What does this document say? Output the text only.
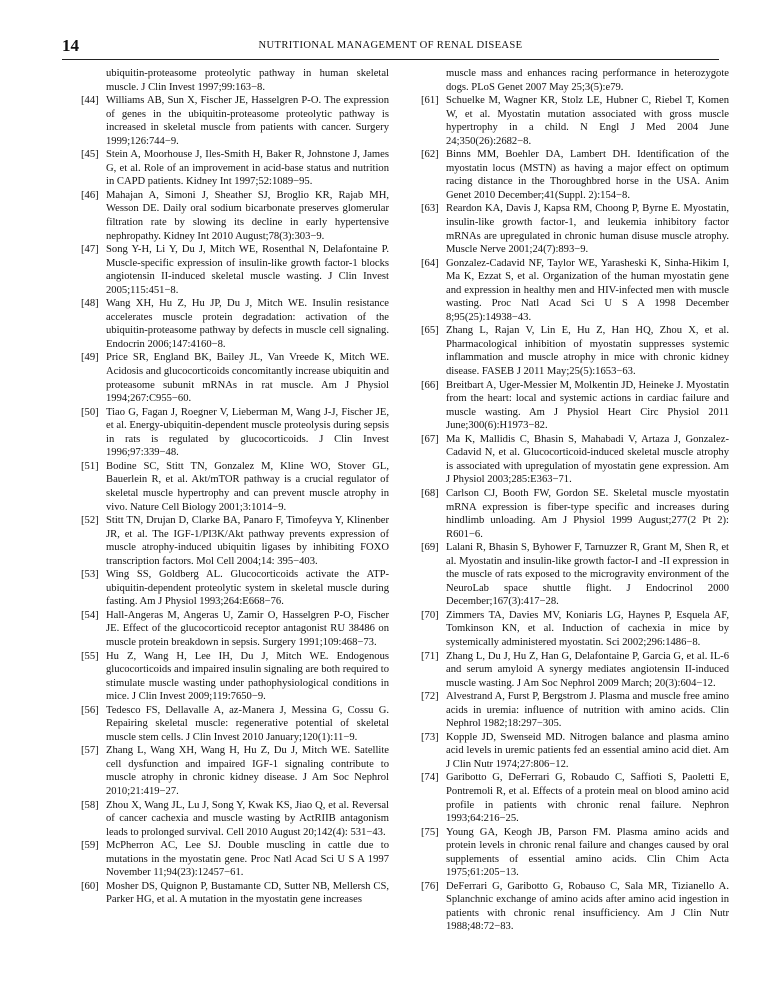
14	NUTRITIONAL MANAGEMENT OF RENAL DISEASE

ubiquitin-proteasome proteolytic pathway in human skeletal muscle. J Clin Invest 1997;99:163−8.

[44] Williams AB, Sun X, Fischer JE, Hasselgren P-O. The expression of genes in the ubiquitin-proteasome proteolytic pathway is increased in skeletal muscle from patients with cancer. Surgery 1999;126:744−9.

[45] Stein A, Moorhouse J, Iles-Smith H, Baker R, Johnstone J, James G, et al. Role of an improvement in acid-base status and nutrition in CAPD patients. Kidney Int 1997;52:1089−95.

[46] Mahajan A, Simoni J, Sheather SJ, Broglio KR, Rajab MH, Wesson DE. Daily oral sodium bicarbonate preserves glomerular filtration rate by slowing its decline in early hypertensive nephropathy. Kidney Int 2010 August;78(3):303−9.

[47] Song Y-H, Li Y, Du J, Mitch WE, Rosenthal N, Delafontaine P. Muscle-specific expression of insulin-like growth factor-1 blocks angiotensin II-induced skeletal muscle wasting. J Clin Invest 2005;115:451−8.

[48] Wang XH, Hu Z, Hu JP, Du J, Mitch WE. Insulin resistance accelerates muscle protein degradation: activation of the ubiquitin-proteasome pathway by defects in muscle cell signaling. Endocrin 2006;147:4160−8.

[49] Price SR, England BK, Bailey JL, Van Vreede K, Mitch WE. Acidosis and glucocorticoids concomitantly increase ubiquitin and proteasome subunit mRNAs in rat muscle. Am J Physiol 1994;267:C955−60.

[50] Tiao G, Fagan J, Roegner V, Lieberman M, Wang J-J, Fischer JE, et al. Energy-ubiquitin-dependent muscle proteolysis during sepsis in rats is regulated by glucocorticoids. J Clin Invest 1996;97:339−48.

[51] Bodine SC, Stitt TN, Gonzalez M, Kline WO, Stover GL, Bauerlein R, et al. Akt/mTOR pathway is a crucial regulator of skeletal muscle hypertrophy and can prevent muscle atrophy in vivo. Nature Cell Biology 2001;3:1014−9.

[52] Stitt TN, Drujan D, Clarke BA, Panaro F, Timofeyva Y, Klinenber JR, et al. The IGF-1/PI3K/Akt pathway prevents expression of muscle atrophy-induced ubiquitin ligases by inhibiting FOXO transcription factors. Mol Cell 2004;14: 395−403.

[53] Wing SS, Goldberg AL. Glucocorticoids activate the ATP-ubiquitin-dependent proteolytic system in skeletal muscle during fasting. Am J Physiol 1993;264:E668−76.

[54] Hall-Angeras M, Angeras U, Zamir O, Hasselgren P-O, Fischer JE. Effect of the glucocorticoid receptor antagonist RU 38486 on muscle protein breakdown in sepsis. Surgery 1991;109:468−73.

[55] Hu Z, Wang H, Lee IH, Du J, Mitch WE. Endogenous glucocorticoids and impaired insulin signaling are both required to stimulate muscle wasting under pathophysiological conditions in mice. J Clin Invest 2009;119:7650−9.

[56] Tedesco FS, Dellavalle A, az-Manera J, Messina G, Cossu G. Repairing skeletal muscle: regenerative potential of skeletal muscle stem cells. J Clin Invest 2010 January;120(1):11−9.

[57] Zhang L, Wang XH, Wang H, Hu Z, Du J, Mitch WE. Satellite cell dysfunction and impaired IGF-1 signaling contribute to muscle atrophy in chronic kidney disease. J Am Soc Nephrol 2010;21:419−27.

[58] Zhou X, Wang JL, Lu J, Song Y, Kwak KS, Jiao Q, et al. Reversal of cancer cachexia and muscle wasting by ActRIIB antagonism leads to prolonged survival. Cell 2010 August 20;142(4): 531−43.

[59] McPherron AC, Lee SJ. Double muscling in cattle due to mutations in the myostatin gene. Proc Natl Acad Sci U S A 1997 November 11;94(23):12457−61.

[60] Mosher DS, Quignon P, Bustamante CD, Sutter NB, Mellersh CS, Parker HG, et al. A mutation in the myostatin gene increases

muscle mass and enhances racing performance in heterozygote dogs. PLoS Genet 2007 May 25;3(5):e79.

[61] Schuelke M, Wagner KR, Stolz LE, Hubner C, Riebel T, Komen W, et al. Myostatin mutation associated with gross muscle hypertrophy in a child. N Engl J Med 2004 June 24;350(26):2682−8.

[62] Binns MM, Boehler DA, Lambert DH. Identification of the myostatin locus (MSTN) as having a major effect on optimum racing distance in the Thoroughbred horse in the USA. Anim Genet 2010 December;41(Suppl. 2):154−8.

[63] Reardon KA, Davis J, Kapsa RM, Choong P, Byrne E. Myostatin, insulin-like growth factor-1, and leukemia inhibitory factor mRNAs are upregulated in chronic human disuse muscle atrophy. Muscle Nerve 2001;24(7):893−9.

[64] Gonzalez-Cadavid NF, Taylor WE, Yarasheski K, Sinha-Hikim I, Ma K, Ezzat S, et al. Organization of the human myostatin gene and expression in healthy men and HIV-infected men with muscle wasting. Proc Natl Acad Sci U S A 1998 December 8;95(25):14938−43.

[65] Zhang L, Rajan V, Lin E, Hu Z, Han HQ, Zhou X, et al. Pharmacological inhibition of myostatin suppresses systemic inflammation and muscle atrophy in mice with chronic kidney disease. FASEB J 2011 May;25(5):1653−63.

[66] Breitbart A, Uger-Messier M, Molkentin JD, Heineke J. Myostatin from the heart: local and systemic actions in cardiac failure and muscle wasting. Am J Physiol Heart Circ Physiol 2011 June;300(6):H1973−82.

[67] Ma K, Mallidis C, Bhasin S, Mahabadi V, Artaza J, Gonzalez-Cadavid N, et al. Glucocorticoid-induced skeletal muscle atrophy is associated with upregulation of myostatin gene expression. Am J Physiol 2003;285:E363−71.

[68] Carlson CJ, Booth FW, Gordon SE. Skeletal muscle myostatin mRNA expression is fiber-type specific and increases during hindlimb unloading. Am J Physiol 1999 August;277(2 Pt 2): R601−6.

[69] Lalani R, Bhasin S, Byhower F, Tarnuzzer R, Grant M, Shen R, et al. Myostatin and insulin-like growth factor-I and -II expression in the muscle of rats exposed to the microgravity environment of the NeuroLab space shuttle flight. J Endocrinol 2000 December;167(3):417−28.

[70] Zimmers TA, Davies MV, Koniaris LG, Haynes P, Esquela AF, Tomkinson KN, et al. Induction of cachexia in mice by systemically administered myostatin. Sci 2002;296:1486−8.

[71] Zhang L, Du J, Hu Z, Han G, Delafontaine P, Garcia G, et al. IL-6 and serum amyloid A synergy mediates angiotensin II-induced muscle wasting. J Am Soc Nephrol 2009 March; 20(3):604−12.

[72] Alvestrand A, Furst P, Bergstrom J. Plasma and muscle free amino acids in uremia: influence of nutrition with amino acids. Clin Nephrol 1982;18:297−305.

[73] Kopple JD, Swenseid MD. Nitrogen balance and plasma amino acid levels in uremic patients fed an essential amino acid diet. Am J Clin Nutr 1974;27:806−12.

[74] Garibotto G, DeFerrari G, Robaudo C, Saffioti S, Paoletti E, Pontremoli R, et al. Effects of a protein meal on blood amino acid profile in patients with chronic renal failure. Nephron 1993;64:216−25.

[75] Young GA, Keogh JB, Parson FM. Plasma amino acids and protein levels in chronic renal failure and changes caused by oral supplements of essential amino acids. Clin Chim Acta 1975;61:205−13.

[76] DeFerrari G, Garibotto G, Robauso C, Sala MR, Tizianello A. Splanchnic exchange of amino acids after amino acid ingestion in patients with chronic renal insufficiency. Am J Clin Nutr 1988;48:72−83.
